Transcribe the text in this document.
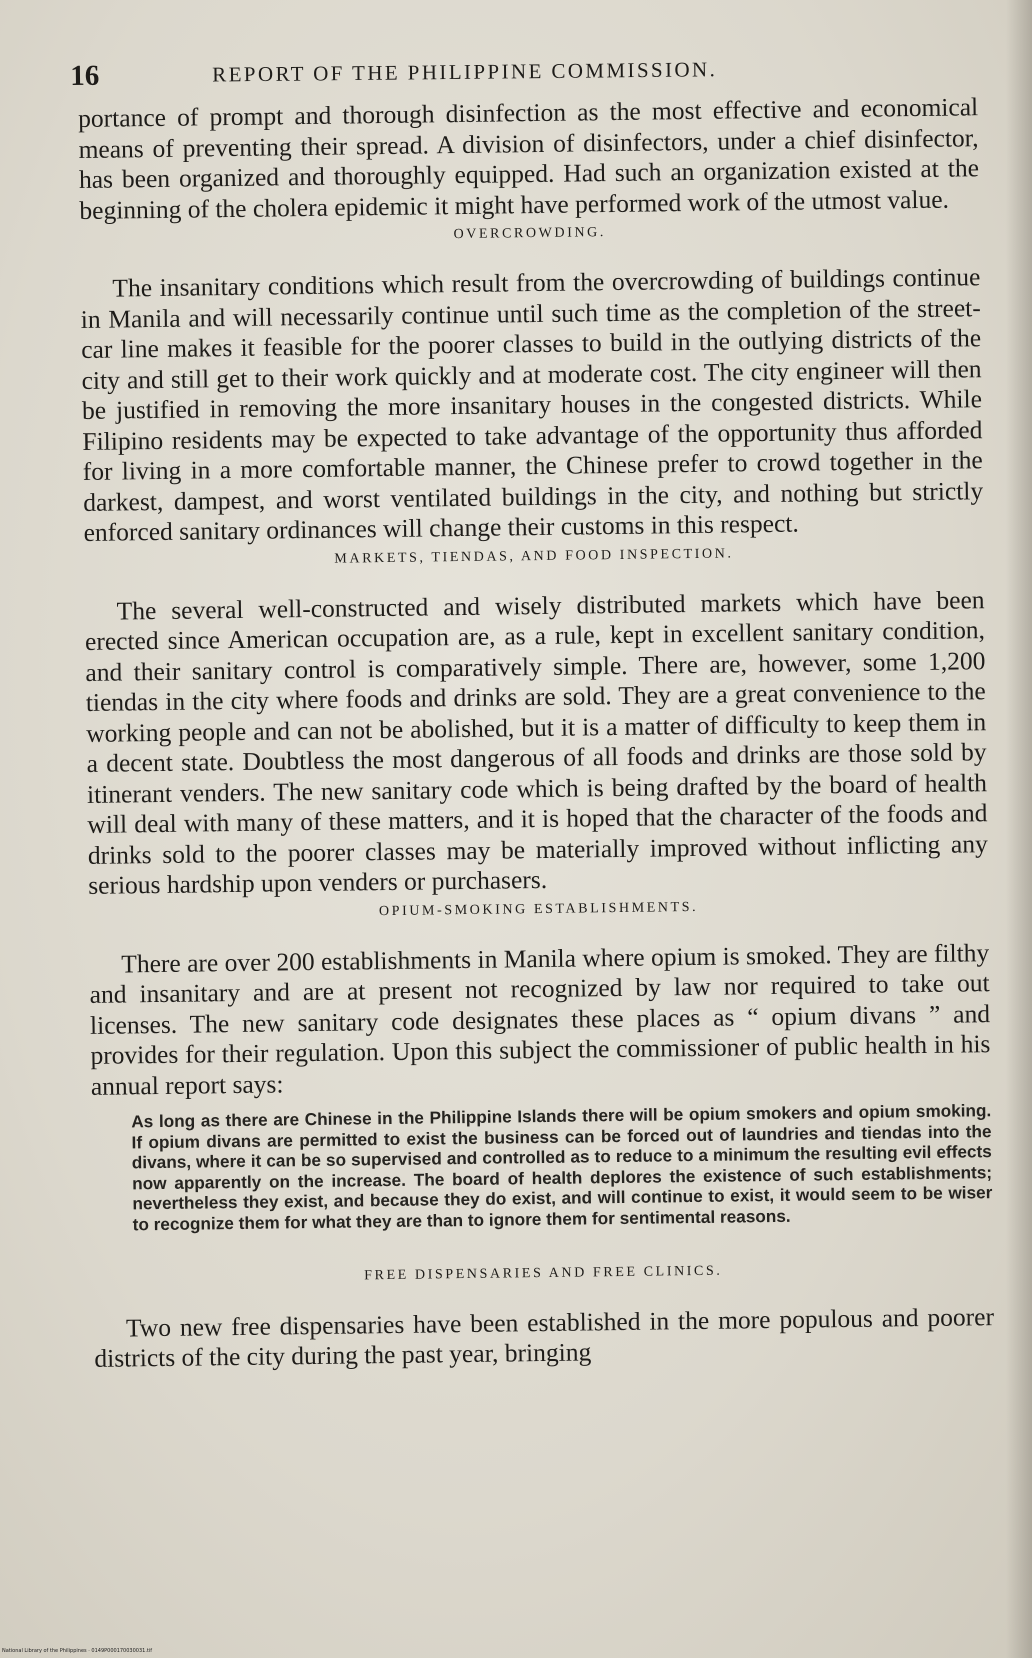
16	REPORT OF THE PHILIPPINE COMMISSION.

portance of prompt and thorough disinfection as the most effective and economical means of preventing their spread. A division of disinfectors, under a chief disinfector, has been organized and thoroughly equipped. Had such an organization existed at the beginning of the cholera epidemic it might have performed work of the utmost value.

OVERCROWDING.

The insanitary conditions which result from the overcrowding of buildings continue in Manila and will necessarily continue until such time as the completion of the street-car line makes it feasible for the poorer classes to build in the outlying districts of the city and still get to their work quickly and at moderate cost. The city engineer will then be justified in removing the more insanitary houses in the congested districts. While Filipino residents may be expected to take advantage of the opportunity thus afforded for living in a more comfortable manner, the Chinese prefer to crowd together in the darkest, dampest, and worst ventilated buildings in the city, and nothing but strictly enforced sanitary ordinances will change their customs in this respect.

MARKETS, TIENDAS, AND FOOD INSPECTION.

The several well-constructed and wisely distributed markets which have been erected since American occupation are, as a rule, kept in excellent sanitary condition, and their sanitary control is comparatively simple. There are, however, some 1,200 tiendas in the city where foods and drinks are sold. They are a great convenience to the working people and can not be abolished, but it is a matter of difficulty to keep them in a decent state. Doubtless the most dangerous of all foods and drinks are those sold by itinerant venders. The new sanitary code which is being drafted by the board of health will deal with many of these matters, and it is hoped that the character of the foods and drinks sold to the poorer classes may be materially improved without inflicting any serious hardship upon venders or purchasers.

OPIUM-SMOKING ESTABLISHMENTS.

There are over 200 establishments in Manila where opium is smoked. They are filthy and insanitary and are at present not recognized by law nor required to take out licenses. The new sanitary code designates these places as “ opium divans ” and provides for their regulation. Upon this subject the commissioner of public health in his annual report says:

As long as there are Chinese in the Philippine Islands there will be opium smokers and opium smoking. If opium divans are permitted to exist the business can be forced out of laundries and tiendas into the divans, where it can be so supervised and controlled as to reduce to a minimum the resulting evil effects now apparently on the increase. The board of health deplores the existence of such establishments; nevertheless they exist, and because they do exist, and will continue to exist, it would seem to be wiser to recognize them for what they are than to ignore them for sentimental reasons.

FREE DISPENSARIES AND FREE CLINICS.

Two new free dispensaries have been established in the more populous and poorer districts of the city during the past year, bringing

National Library of the Philippines · 0149P000170030031.tif
